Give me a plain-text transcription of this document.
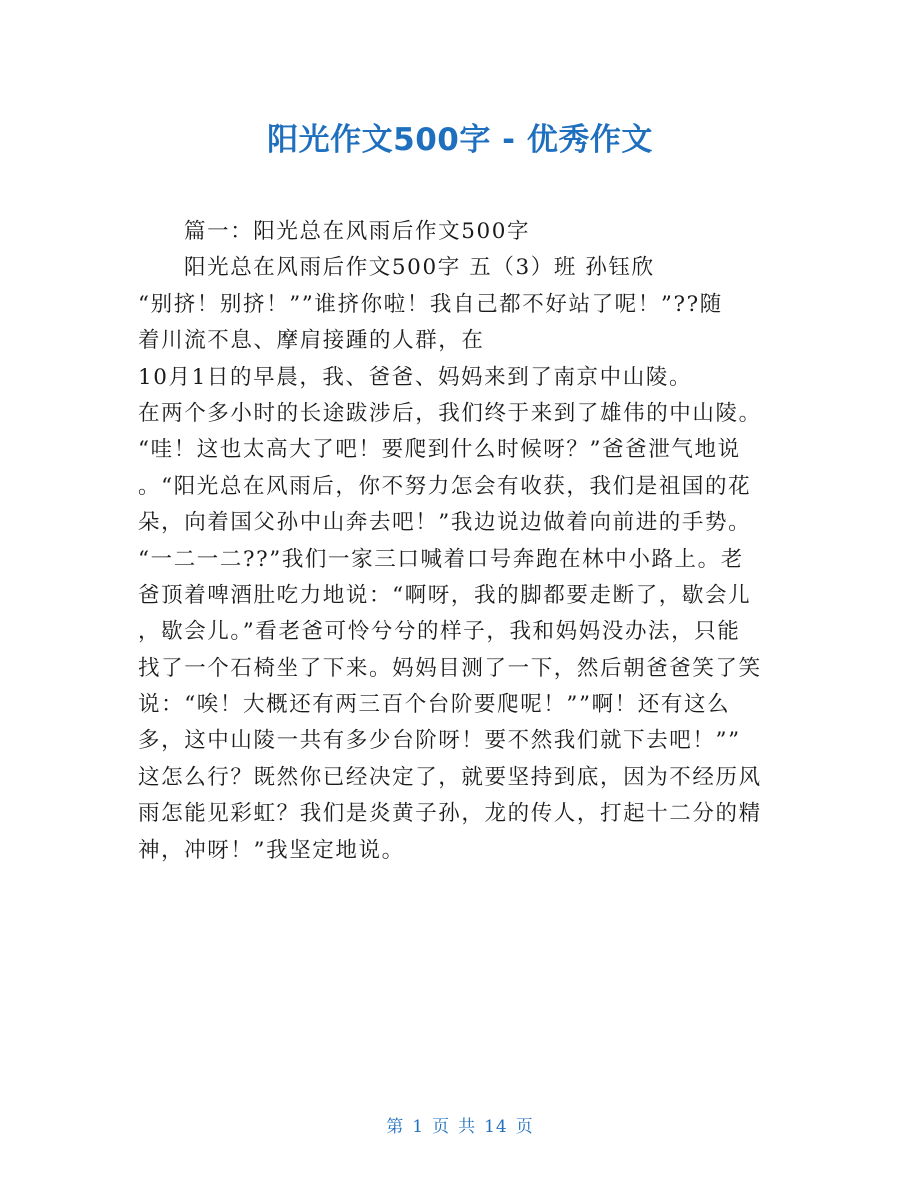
阳光作文500字 - 优秀作文
篇一：阳光总在风雨后作文500字
阳光总在风雨后作文500字 五（3）班 孙钰欣
“别挤！别挤！””谁挤你啦！我自己都不好站了呢！”??随
着川流不息、摩肩接踵的人群，在
10月1日的早晨，我、爸爸、妈妈来到了南京中山陵。
在两个多小时的长途跋涉后，我们终于来到了雄伟的中山陵。
“哇！这也太高大了吧！要爬到什么时候呀？”爸爸泄气地说
。“阳光总在风雨后，你不努力怎会有收获，我们是祖国的花
朵，向着国父孙中山奔去吧！”我边说边做着向前进的手势。
“一二一二??”我们一家三口喊着口号奔跑在林中小路上。老
爸顶着啤酒肚吃力地说：“啊呀，我的脚都要走断了，歇会儿
，歇会儿。”看老爸可怜兮兮的样子，我和妈妈没办法，只能
找了一个石椅坐了下来。妈妈目测了一下，然后朝爸爸笑了笑
说：“唉！大概还有两三百个台阶要爬呢！””啊！还有这么
多，这中山陵一共有多少台阶呀！要不然我们就下去吧！””
这怎么行？既然你已经决定了，就要坚持到底，因为不经历风
雨怎能见彩虹？我们是炎黄子孙，龙的传人，打起十二分的精
神，冲呀！”我坚定地说。
第 1 页 共 14 页
